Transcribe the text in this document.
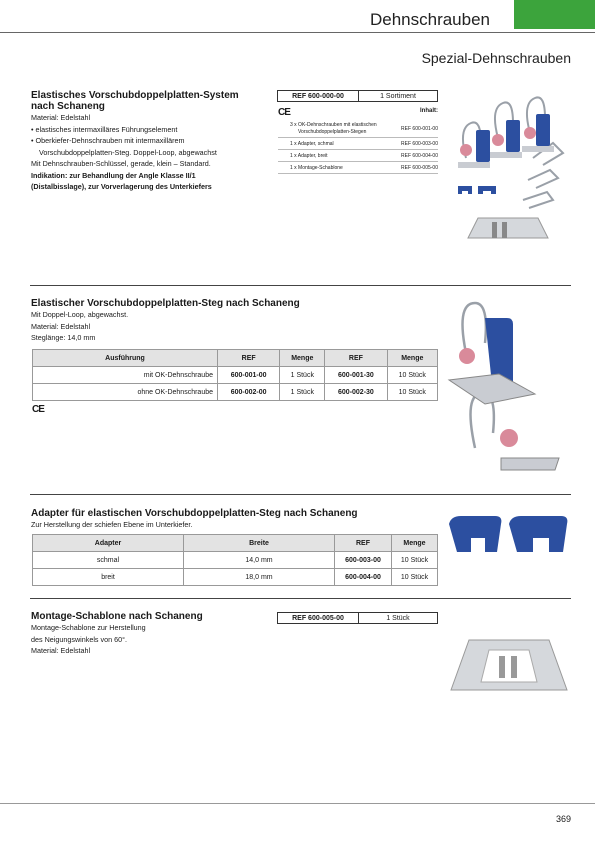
Dehnschrauben
Spezial-Dehnschrauben
Elastisches Vorschubdoppelplatten-System
nach Schaneng
Material: Edelstahl
• elastisches intermaxilläres Führungselement
• Oberkiefer-Dehnschrauben mit intermaxillärem
Vorschubdoppelplatten-Steg. Doppel-Loop, abgewachst
Mit Dehnschrauben-Schlüssel, gerade, klein – Standard.
Indikation: zur Behandlung der Angle Klasse II/1
(Distalbisslage), zur Vorverlagerung des Unterkiefers
REF 600-000-00	1 Sortiment
CE	Inhalt:
3 x OK-Dehnschrauben mit elastischen
Vorschubdoppelplatten-Stegen	REF 600-001-00
1 x Adapter, schmal	REF 600-003-00
1 x Adapter, breit	REF 600-004-00
1 x Montage-Schablone	REF 600-005-00
Elastischer Vorschubdoppelplatten-Steg nach Schaneng
Mit Doppel-Loop, abgewachst.
Material: Edelstahl
Steglänge: 14,0 mm
Ausführung	REF	Menge	REF	Menge
mit OK-Dehnschraube	600-001-00	1 Stück	600-001-30	10 Stück
ohne OK-Dehnschraube	600-002-00	1 Stück	600-002-30	10 Stück
CE
Adapter für elastischen Vorschubdoppelplatten-Steg nach Schaneng
Zur Herstellung der schiefen Ebene im Unterkiefer.
Adapter	Breite	REF	Menge
schmal	14,0 mm	600-003-00	10 Stück
breit	18,0 mm	600-004-00	10 Stück
Montage-Schablone nach Schaneng
Montage-Schablone zur Herstellung
des Neigungswinkels von 60°.
Material: Edelstahl
REF 600-005-00	1 Stück
369
